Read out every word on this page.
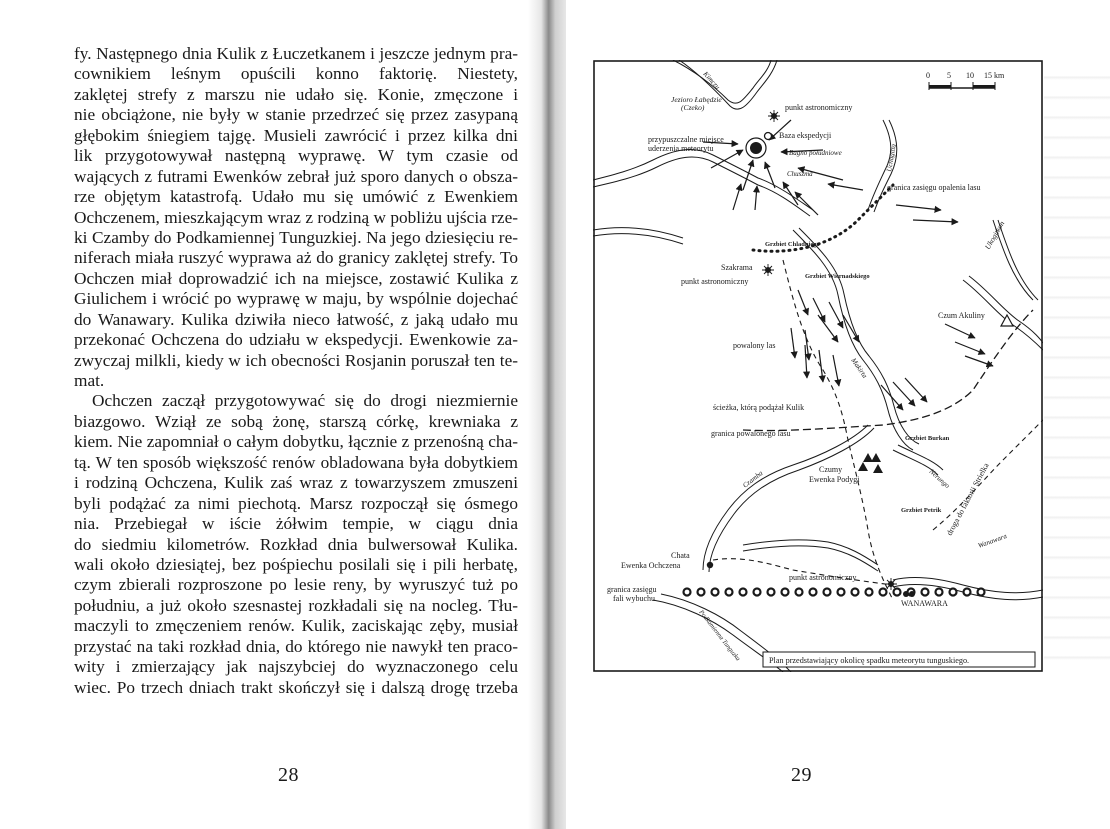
fy. Następnego dnia Kulik z Łuczetkanem i jeszcze jednym pra-
cownikiem leśnym opuścili konno faktorię. Niestety,
zaklętej strefy z marszu nie udało się. Konie, zmęczone i
nie obciążone, nie były w stanie przedrzeć się przez zasypaną
głębokim śniegiem tajgę. Musieli zawrócić i przez kilka dni
lik przygotowywał następną wyprawę. W tym czasie od
wających z futrami Ewenków zebrał już sporo danych o obsza-
rze objętym katastrofą. Udało mu się umówić z Ewenkiem
Ochczenem, mieszkającym wraz z rodziną w pobliżu ujścia rze-
ki Czamby do Podkamiennej Tunguzkiej. Na jego dziesięciu re-
niferach miała ruszyć wyprawa aż do granicy zaklętej strefy. To
Ochczen miał doprowadzić ich na miejsce, zostawić Kulika z
Giulichem i wrócić po wyprawę w maju, by wspólnie dojechać
do Wanawary. Kulika dziwiła nieco łatwość, z jaką udało mu
przekonać Ochczena do udziału w ekspedycji. Ewenkowie za-
zwyczaj milkli, kiedy w ich obecności Rosjanin poruszał ten te-
mat.
Ochczen zaczął przygotowywać się do drogi niezmiernie
biazgowo. Wziął ze sobą żonę, starszą córkę, krewniaka z
kiem. Nie zapomniał o całym dobytku, łącznie z przenośną cha-
tą. W ten sposób większość renów obladowana była dobytkiem
i rodziną Ochczena, Kulik zaś wraz z towarzyszem zmuszeni
byli podążać za nimi piechotą. Marsz rozpoczął się ósmego
nia. Przebiegał w iście żółwim tempie, w ciągu dnia
do siedmiu kilometrów. Rozkład dnia bulwersował Kulika.
wali około dziesiątej, bez pośpiechu posilali się i pili herbatę,
czym zbierali rozproszone po lesie reny, by wyruszyć tuż po
południu, a już około szesnastej rozkładali się na nocleg. Tłu-
maczyli to zmęczeniem renów. Kulik, zaciskając zęby, musiał
przystać na taki rozkład dnia, do którego nie nawykł ten praco-
wity i zmierzający jak najszybciej do wyznaczonego celu
wiec. Po trzech dniach trakt skończył się i dalszą drogę trzeba
28
0 5 10 15 km
Jezioro Łabędzie
(Czeko)
Kimczu
punkt astronomiczny
Baza ekspedycji
przypuszczalne miejsce
uderzenia meteorytu	Bagno południowe
Chuszma
Uchagitta
granica zasięgu opalenia lasu
Ukogitkon
Grzbiet Chladniego
Szakrama
punkt astronomiczny
Grzbiet Wiernadskiego
Czum Akuliny
powalony las
Makirta
ścieżka, którą podążał Kulik
granica powalonego lasu
Grzbiet Burkan
Czamba	Czumy
Ewenka Podygi	Nerungo
droga do faktorii Strielka
Grzbiet Petrik
Wanawara
Chata
Ewenka Ochczena
punkt astronomiczny
granica zasięgu
fali wybuchu
Podkamienna Tunguzka
WANAWARA
Plan przedstawiający okolicę spadku meteorytu tunguskiego.
29
